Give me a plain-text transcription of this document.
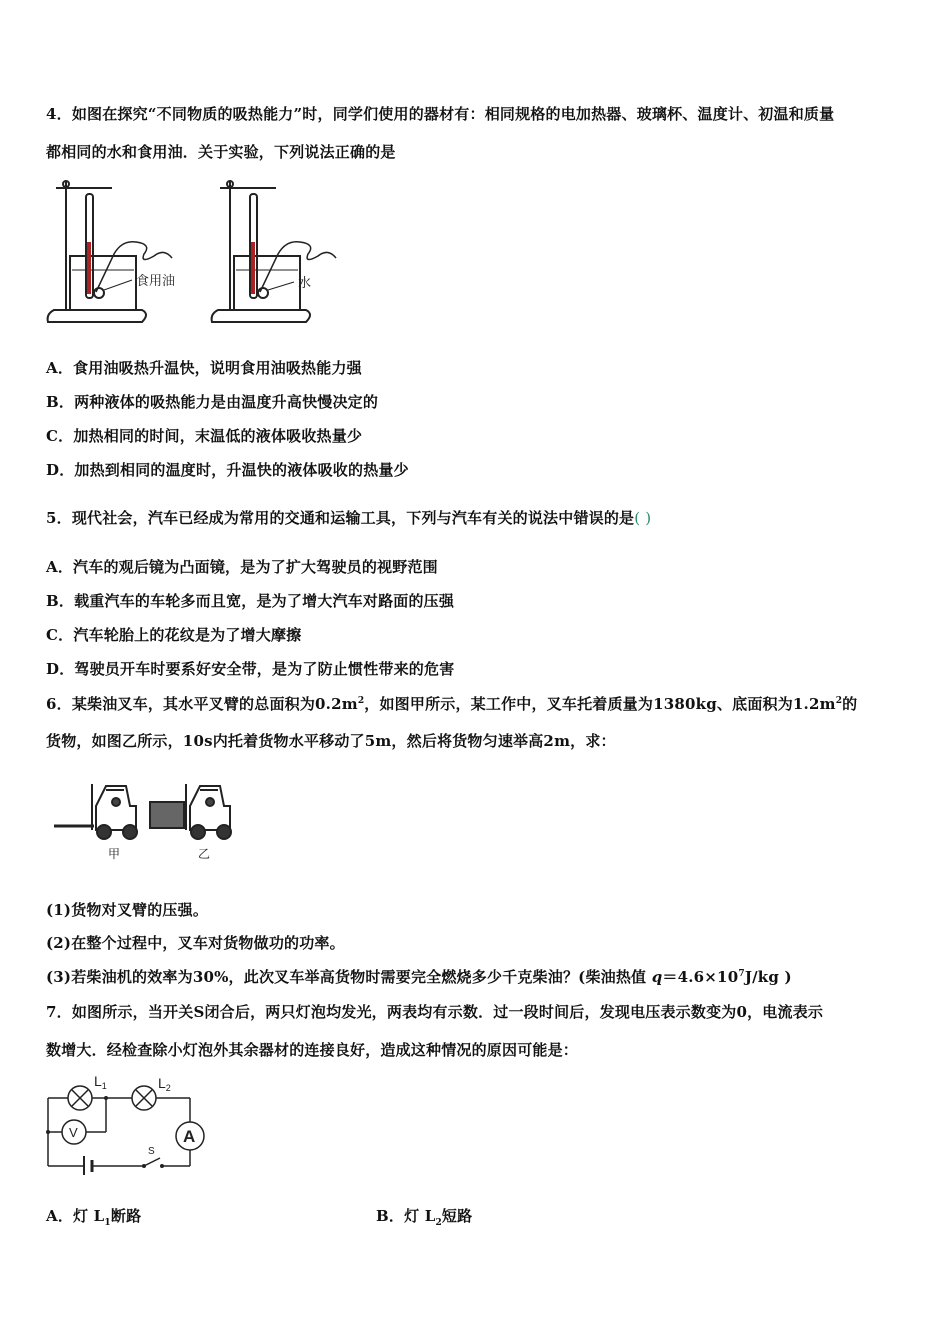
4．如图在探究“不同物质的吸热能力”时，同学们使用的器材有：相同规格的电加热器、玻璃杯、温度计、初温和质量
都相同的水和食用油．关于实验，下列说法正确的是
食用油	水
A．食用油吸热升温快，说明食用油吸热能力强
B．两种液体的吸热能力是由温度升高快慢决定的
C．加热相同的时间，末温低的液体吸收热量少
D．加热到相同的温度时，升温快的液体吸收的热量少
5．现代社会，汽车已经成为常用的交通和运输工具，下列与汽车有关的说法中错误的是( )
A．汽车的观后镜为凸面镜，是为了扩大驾驶员的视野范围
B．载重汽车的车轮多而且宽，是为了增大汽车对路面的压强
C．汽车轮胎上的花纹是为了增大摩擦
D．驾驶员开车时要系好安全带，是为了防止惯性带来的危害
6．某柴油叉车，其水平叉臂的总面积为$0.2m^2$，如图甲所示，某工作中，叉车托着质量为1380kg、底面积为$1.2m^2$的
货物，如图乙所示，10s内托着货物水平移动了5m，然后将货物匀速举高2m，求：
甲	乙
(1)货物对叉臂的压强。
(2)在整个过程中，叉车对货物做功的功率。
(3)若柴油机的效率为30%，此次叉车举高货物时需要完全燃烧多少千克柴油？(柴油热值 $q=4.6\times 10^7J/kg$ )
7．如图所示，当开关S闭合后，两只灯泡均发光，两表均有示数．过一段时间后，发现电压表示数变为0，电流表示
数增大．经检查除小灯泡外其余器材的连接良好，造成这种情况的原因可能是：
$L_1$	$L_2$
V	A
S
A．灯 $L_1$断路	B．灯 $L_2$短路
